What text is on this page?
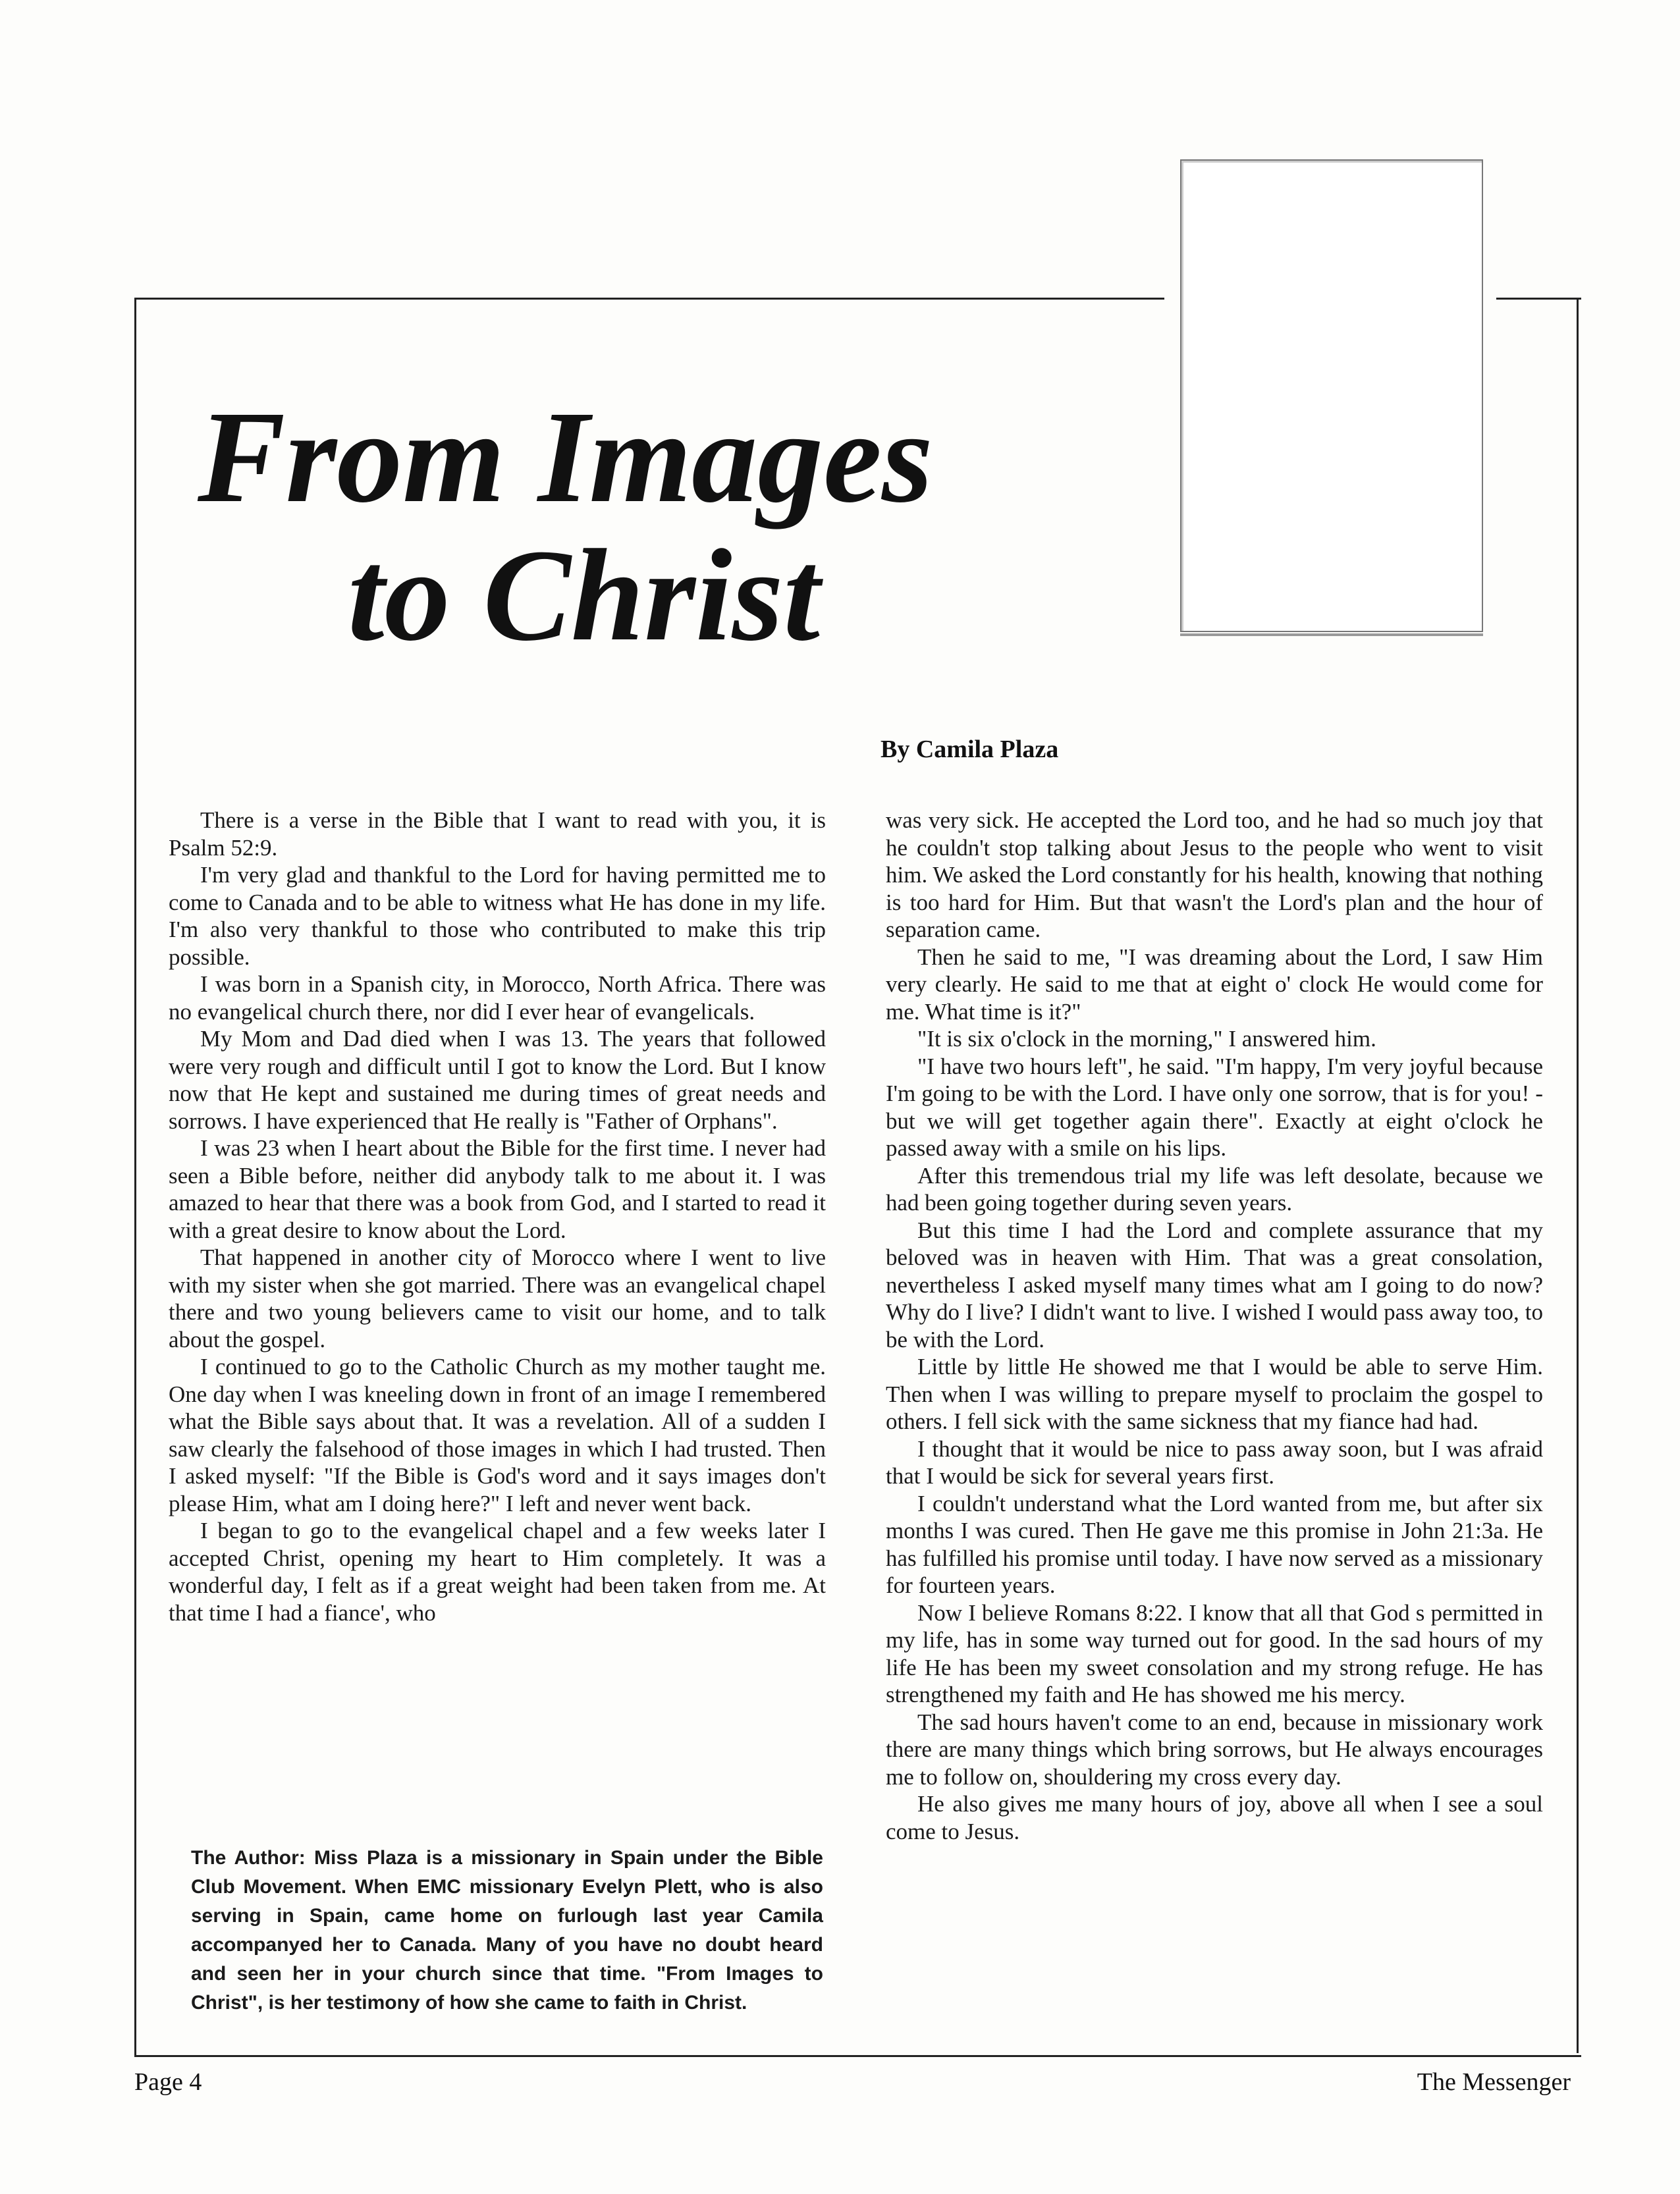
From Images
to Christ
By Camila Plaza

There is a verse in the Bible that I want to read with you, it is Psalm 52:9.

I'm very glad and thankful to the Lord for having permitted me to come to Canada and to be able to witness what He has done in my life. I'm also very thankful to those who contributed to make this trip possible.

I was born in a Spanish city, in Morocco, North Africa. There was no evangelical church there, nor did I ever hear of evangelicals.

My Mom and Dad died when I was 13. The years that followed were very rough and difficult until I got to know the Lord. But I know now that He kept and sustained me during times of great needs and sorrows. I have experienced that He really is "Father of Orphans".

I was 23 when I heart about the Bible for the first time. I never had seen a Bible before, neither did anybody talk to me about it. I was amazed to hear that there was a book from God, and I started to read it with a great desire to know about the Lord.

That happened in another city of Morocco where I went to live with my sister when she got married. There was an evangelical chapel there and two young believers came to visit our home, and to talk about the gospel.

I continued to go to the Catholic Church as my mother taught me. One day when I was kneeling down in front of an image I remembered what the Bible says about that. It was a revelation. All of a sudden I saw clearly the falsehood of those images in which I had trusted. Then I asked myself: "If the Bible is God's word and it says images don't please Him, what am I doing here?" I left and never went back.

I began to go to the evangelical chapel and a few weeks later I accepted Christ, opening my heart to Him completely. It was a wonderful day, I felt as if a great weight had been taken from me. At that time I had a fiance', who

was very sick. He accepted the Lord too, and he had so much joy that he couldn't stop talking about Jesus to the people who went to visit him. We asked the Lord constantly for his health, knowing that nothing is too hard for Him. But that wasn't the Lord's plan and the hour of separation came.

Then he said to me, "I was dreaming about the Lord, I saw Him very clearly. He said to me that at eight o' clock He would come for me. What time is it?"

"It is six o'clock in the morning," I answered him.

"I have two hours left", he said. "I'm happy, I'm very joyful because I'm going to be with the Lord. I have only one sorrow, that is for you! - but we will get together again there". Exactly at eight o'clock he passed away with a smile on his lips.

After this tremendous trial my life was left desolate, because we had been going together during seven years.

But this time I had the Lord and complete assurance that my beloved was in heaven with Him. That was a great consolation, nevertheless I asked myself many times what am I going to do now? Why do I live? I didn't want to live. I wished I would pass away too, to be with the Lord.

Little by little He showed me that I would be able to serve Him. Then when I was willing to prepare myself to proclaim the gospel to others. I fell sick with the same sickness that my fiance had had.

I thought that it would be nice to pass away soon, but I was afraid that I would be sick for several years first.

I couldn't understand what the Lord wanted from me, but after six months I was cured. Then He gave me this promise in John 21:3a. He has fulfilled his promise until today. I have now served as a missionary for fourteen years.

Now I believe Romans 8:22. I know that all that God s permitted in my life, has in some way turned out for good. In the sad hours of my life He has been my sweet consolation and my strong refuge. He has strengthened my faith and He has showed me his mercy.

The sad hours haven't come to an end, because in missionary work there are many things which bring sorrows, but He always encourages me to follow on, shouldering my cross every day.

He also gives me many hours of joy, above all when I see a soul come to Jesus.

The Author: Miss Plaza is a missionary in Spain under the Bible Club Movement. When EMC missionary Evelyn Plett, who is also serving in Spain, came home on furlough last year Camila accompanyed her to Canada. Many of you have no doubt heard and seen her in your church since that time. "From Images to Christ", is her testimony of how she came to faith in Christ.

Page 4	The Messenger
